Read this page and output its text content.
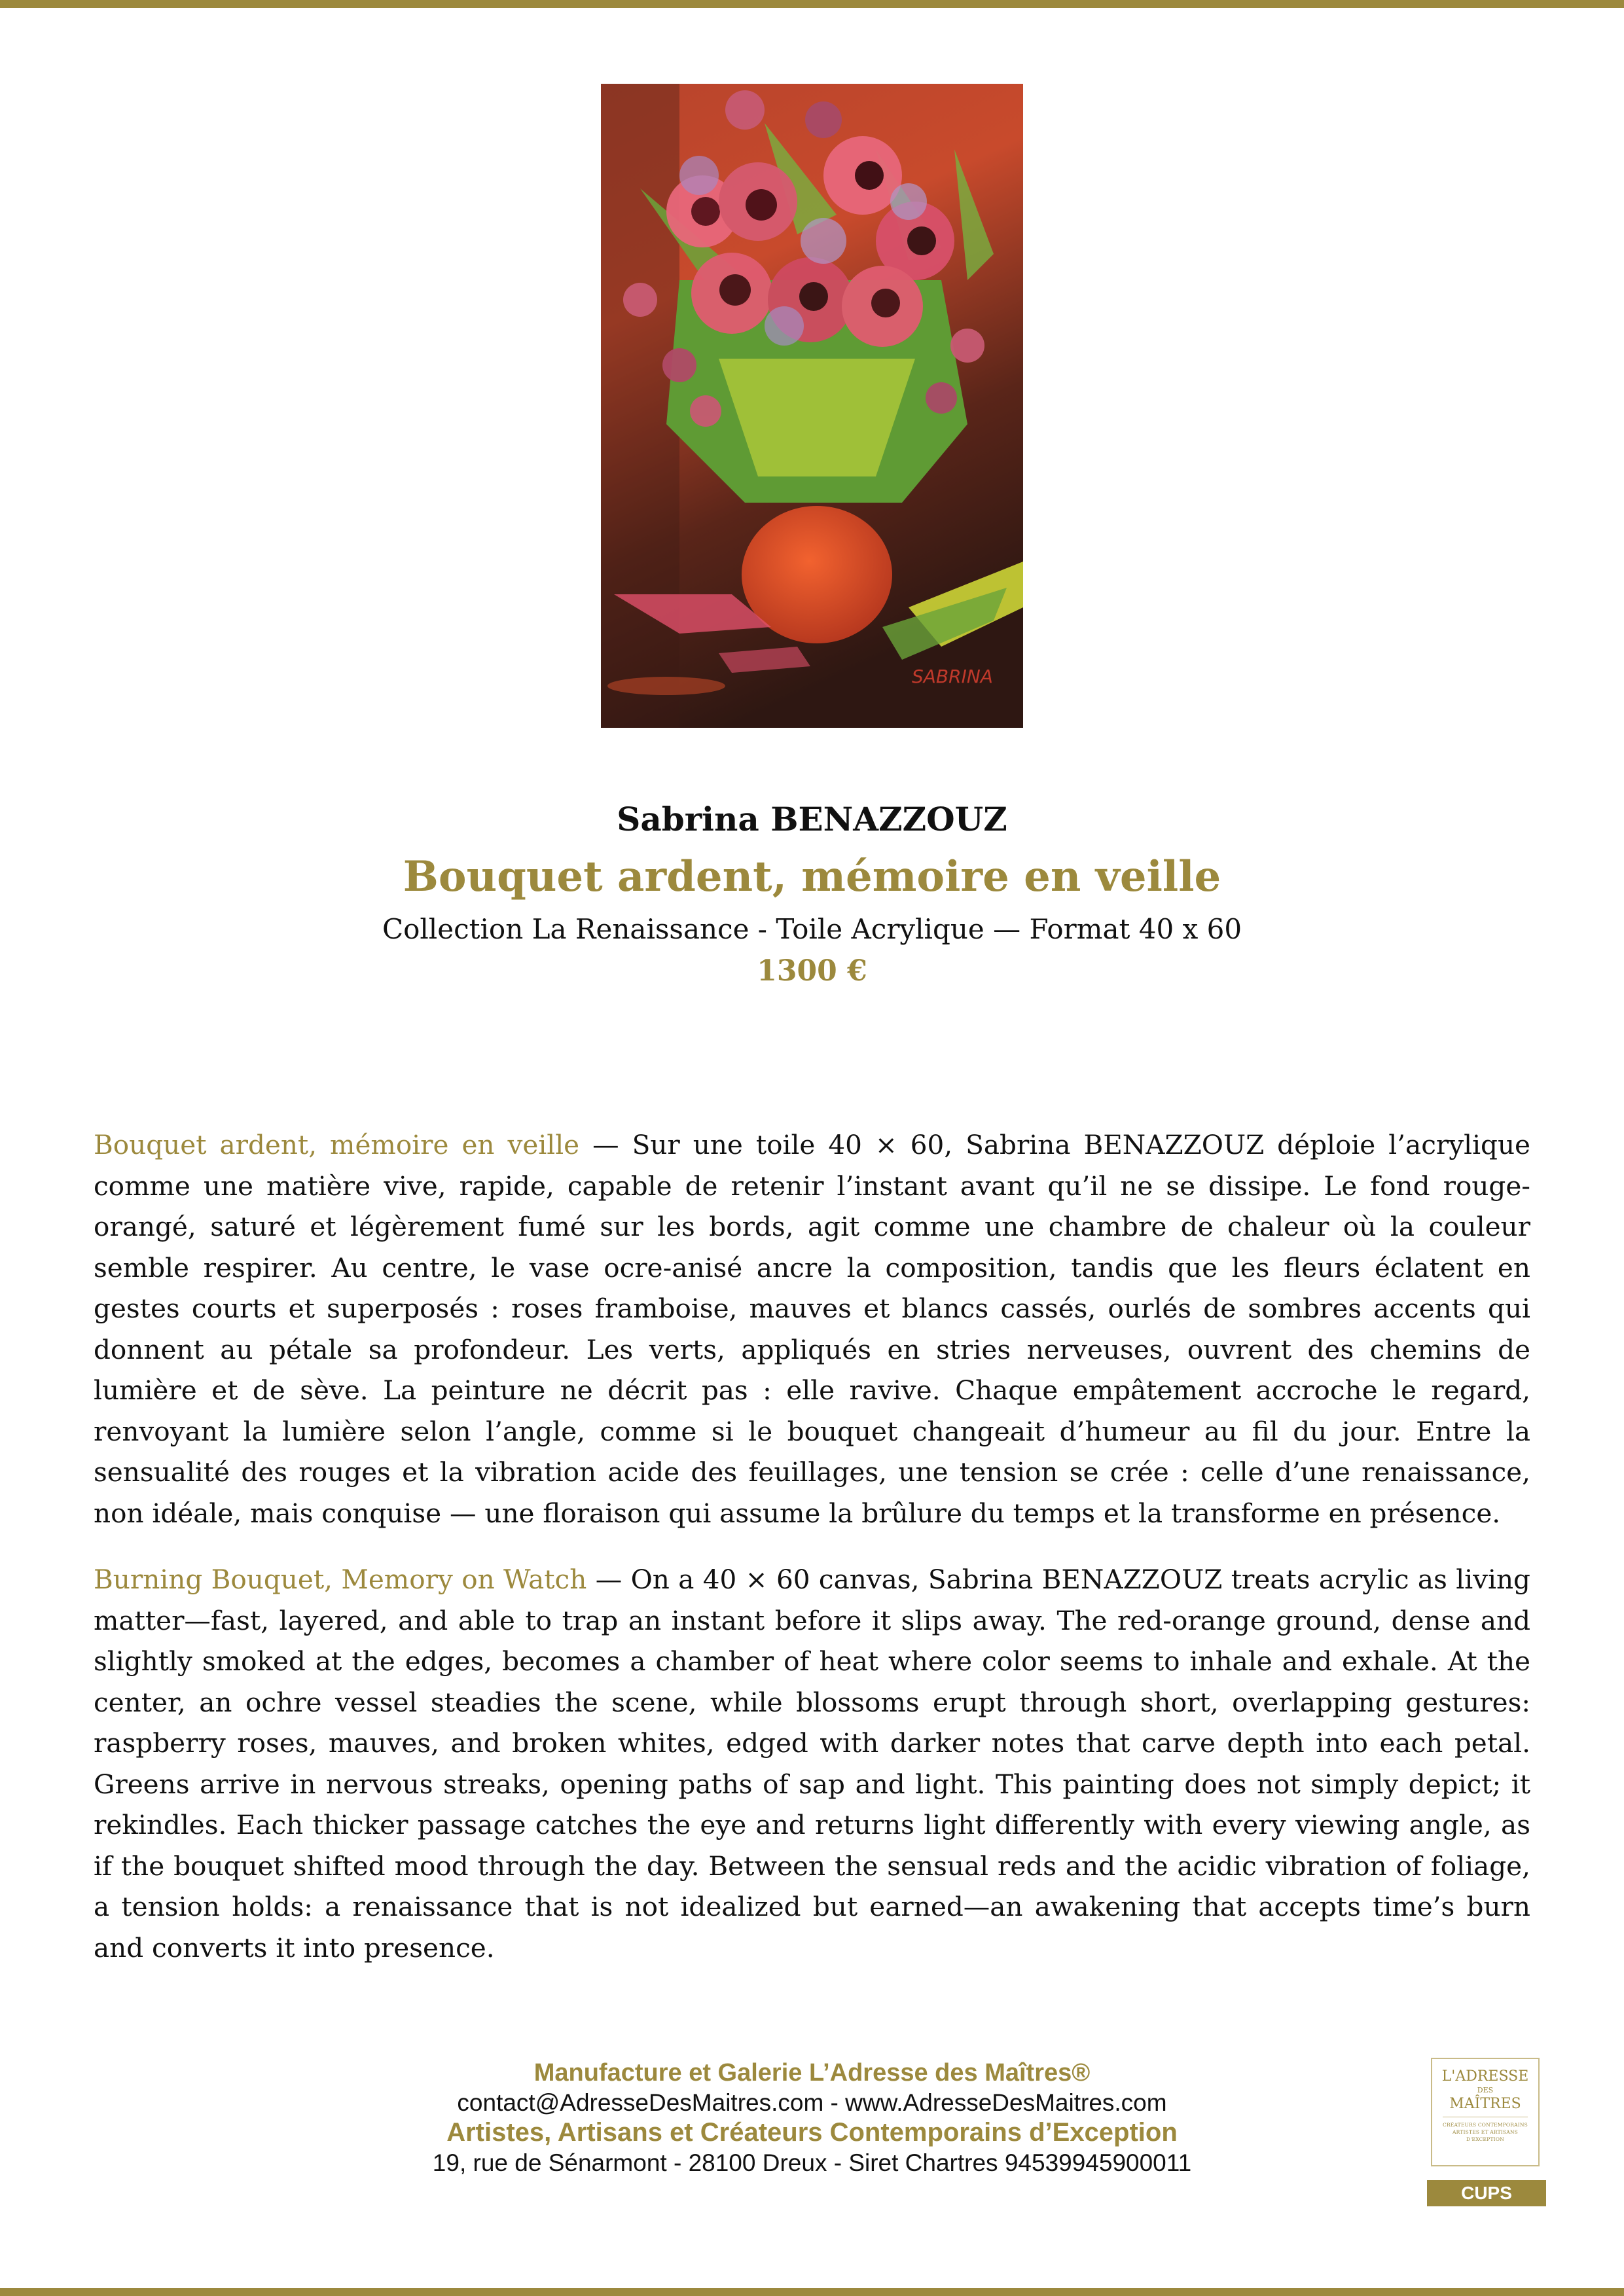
SABRINA
Sabrina BENAZZOUZ
Bouquet ardent, mémoire en veille
Collection La Renaissance - Toile Acrylique — Format 40 x 60
1300 €

Bouquet ardent, mémoire en veille — Sur une toile 40 × 60, Sabrina BENAZZOUZ déploie l’acrylique comme une matière vive, rapide, capable de retenir l’instant avant qu’il ne se dissipe. Le fond rouge-orangé, saturé et légèrement fumé sur les bords, agit comme une chambre de chaleur où la couleur semble respirer. Au centre, le vase ocre-anisé ancre la composition, tandis que les fleurs éclatent en gestes courts et superposés : roses framboise, mauves et blancs cassés, ourlés de sombres accents qui donnent au pétale sa profondeur. Les verts, appliqués en stries nerveuses, ouvrent des chemins de lumière et de sève. La peinture ne décrit pas : elle ravive. Chaque empâtement accroche le regard, renvoyant la lumière selon l’angle, comme si le bouquet changeait d’humeur au fil du jour. Entre la sensualité des rouges et la vibration acide des feuillages, une tension se crée : celle d’une renaissance, non idéale, mais conquise — une floraison qui assume la brûlure du temps et la transforme en présence.

Burning Bouquet, Memory on Watch — On a 40 × 60 canvas, Sabrina BENAZZOUZ treats acrylic as living matter—fast, layered, and able to trap an instant before it slips away. The red-orange ground, dense and slightly smoked at the edges, becomes a chamber of heat where color seems to inhale and exhale. At the center, an ochre vessel steadies the scene, while blossoms erupt through short, overlapping gestures: raspberry roses, mauves, and broken whites, edged with darker notes that carve depth into each petal. Greens arrive in nervous streaks, opening paths of sap and light. This painting does not simply depict; it rekindles. Each thicker passage catches the eye and returns light differently with every viewing angle, as if the bouquet shifted mood through the day. Between the sensual reds and the acidic vibration of foliage, a tension holds: a renaissance that is not idealized but earned—an awakening that accepts time’s burn and converts it into presence.

Manufacture et Galerie L’Adresse des Maîtres®
contact@AdresseDesMaitres.com - www.AdresseDesMaitres.com
Artistes, Artisans et Créateurs Contemporains d’Exception
19, rue de Sénarmont - 28100 Dreux - Siret Chartres 94539945900011
L'ADRESSE
DES
MAÎTRES
CRÉATEURS CONTEMPORAINS
ARTISTES ET ARTISANS
D'EXCEPTION
CUPS
